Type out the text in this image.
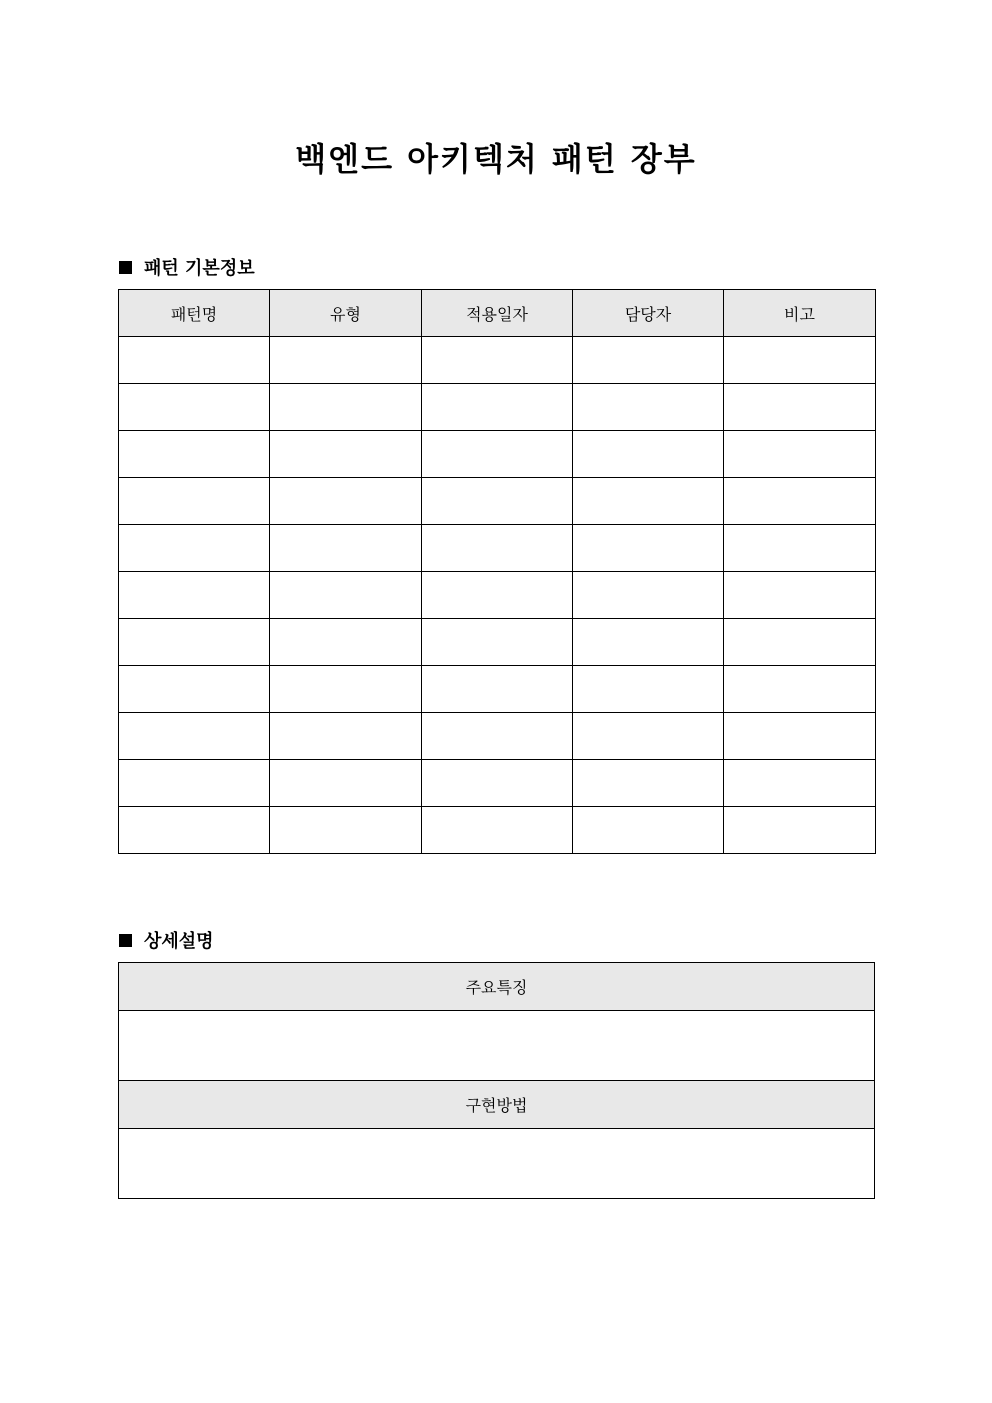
백엔드 아키텍처 패턴 장부
패턴 기본정보
패턴명	유형	적용일자	담당자	비고

상세설명
주요특징

구현방법
